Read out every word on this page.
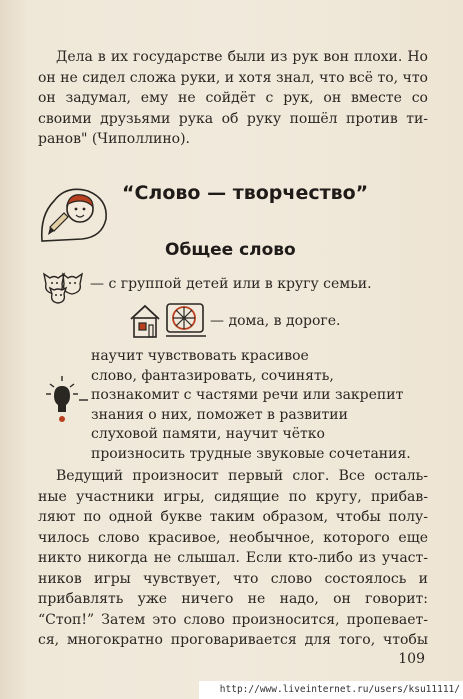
Дела в их государстве были из рук вон плохи. Но
он не сидел сложа руки, и хотя знал, что всё то, что
он задумал, ему не сойдёт с рук, он вместе со
своими друзьями рука об руку пошёл против ти-
ранов" (Чиполлино).
“Слово — творчество”
Общее слово
— с группой детей или в кругу семьи.
— дома, в дороге.
научит чувствовать красивое
слово, фантазировать, сочинять,
познакомит с частями речи или закрепит
знания о них, поможет в развитии
слуховой памяти, научит чётко
произносить трудные звуковые сочетания.
Ведущий произносит первый слог. Все осталь-
ные участники игры, сидящие по кругу, прибав-
ляют по одной букве таким образом, чтобы полу-
чилось слово красивое, необычное, которого еще
никто никогда не слышал. Если кто-либо из участ-
ников игры чувствует, что слово состоялось и
прибавлять уже ничего не надо, он говорит:
“Стоп!” Затем это слово произносится, пропевает-
ся, многократно проговаривается для того, чтобы
109
http://www.liveinternet.ru/users/ksu11111/
